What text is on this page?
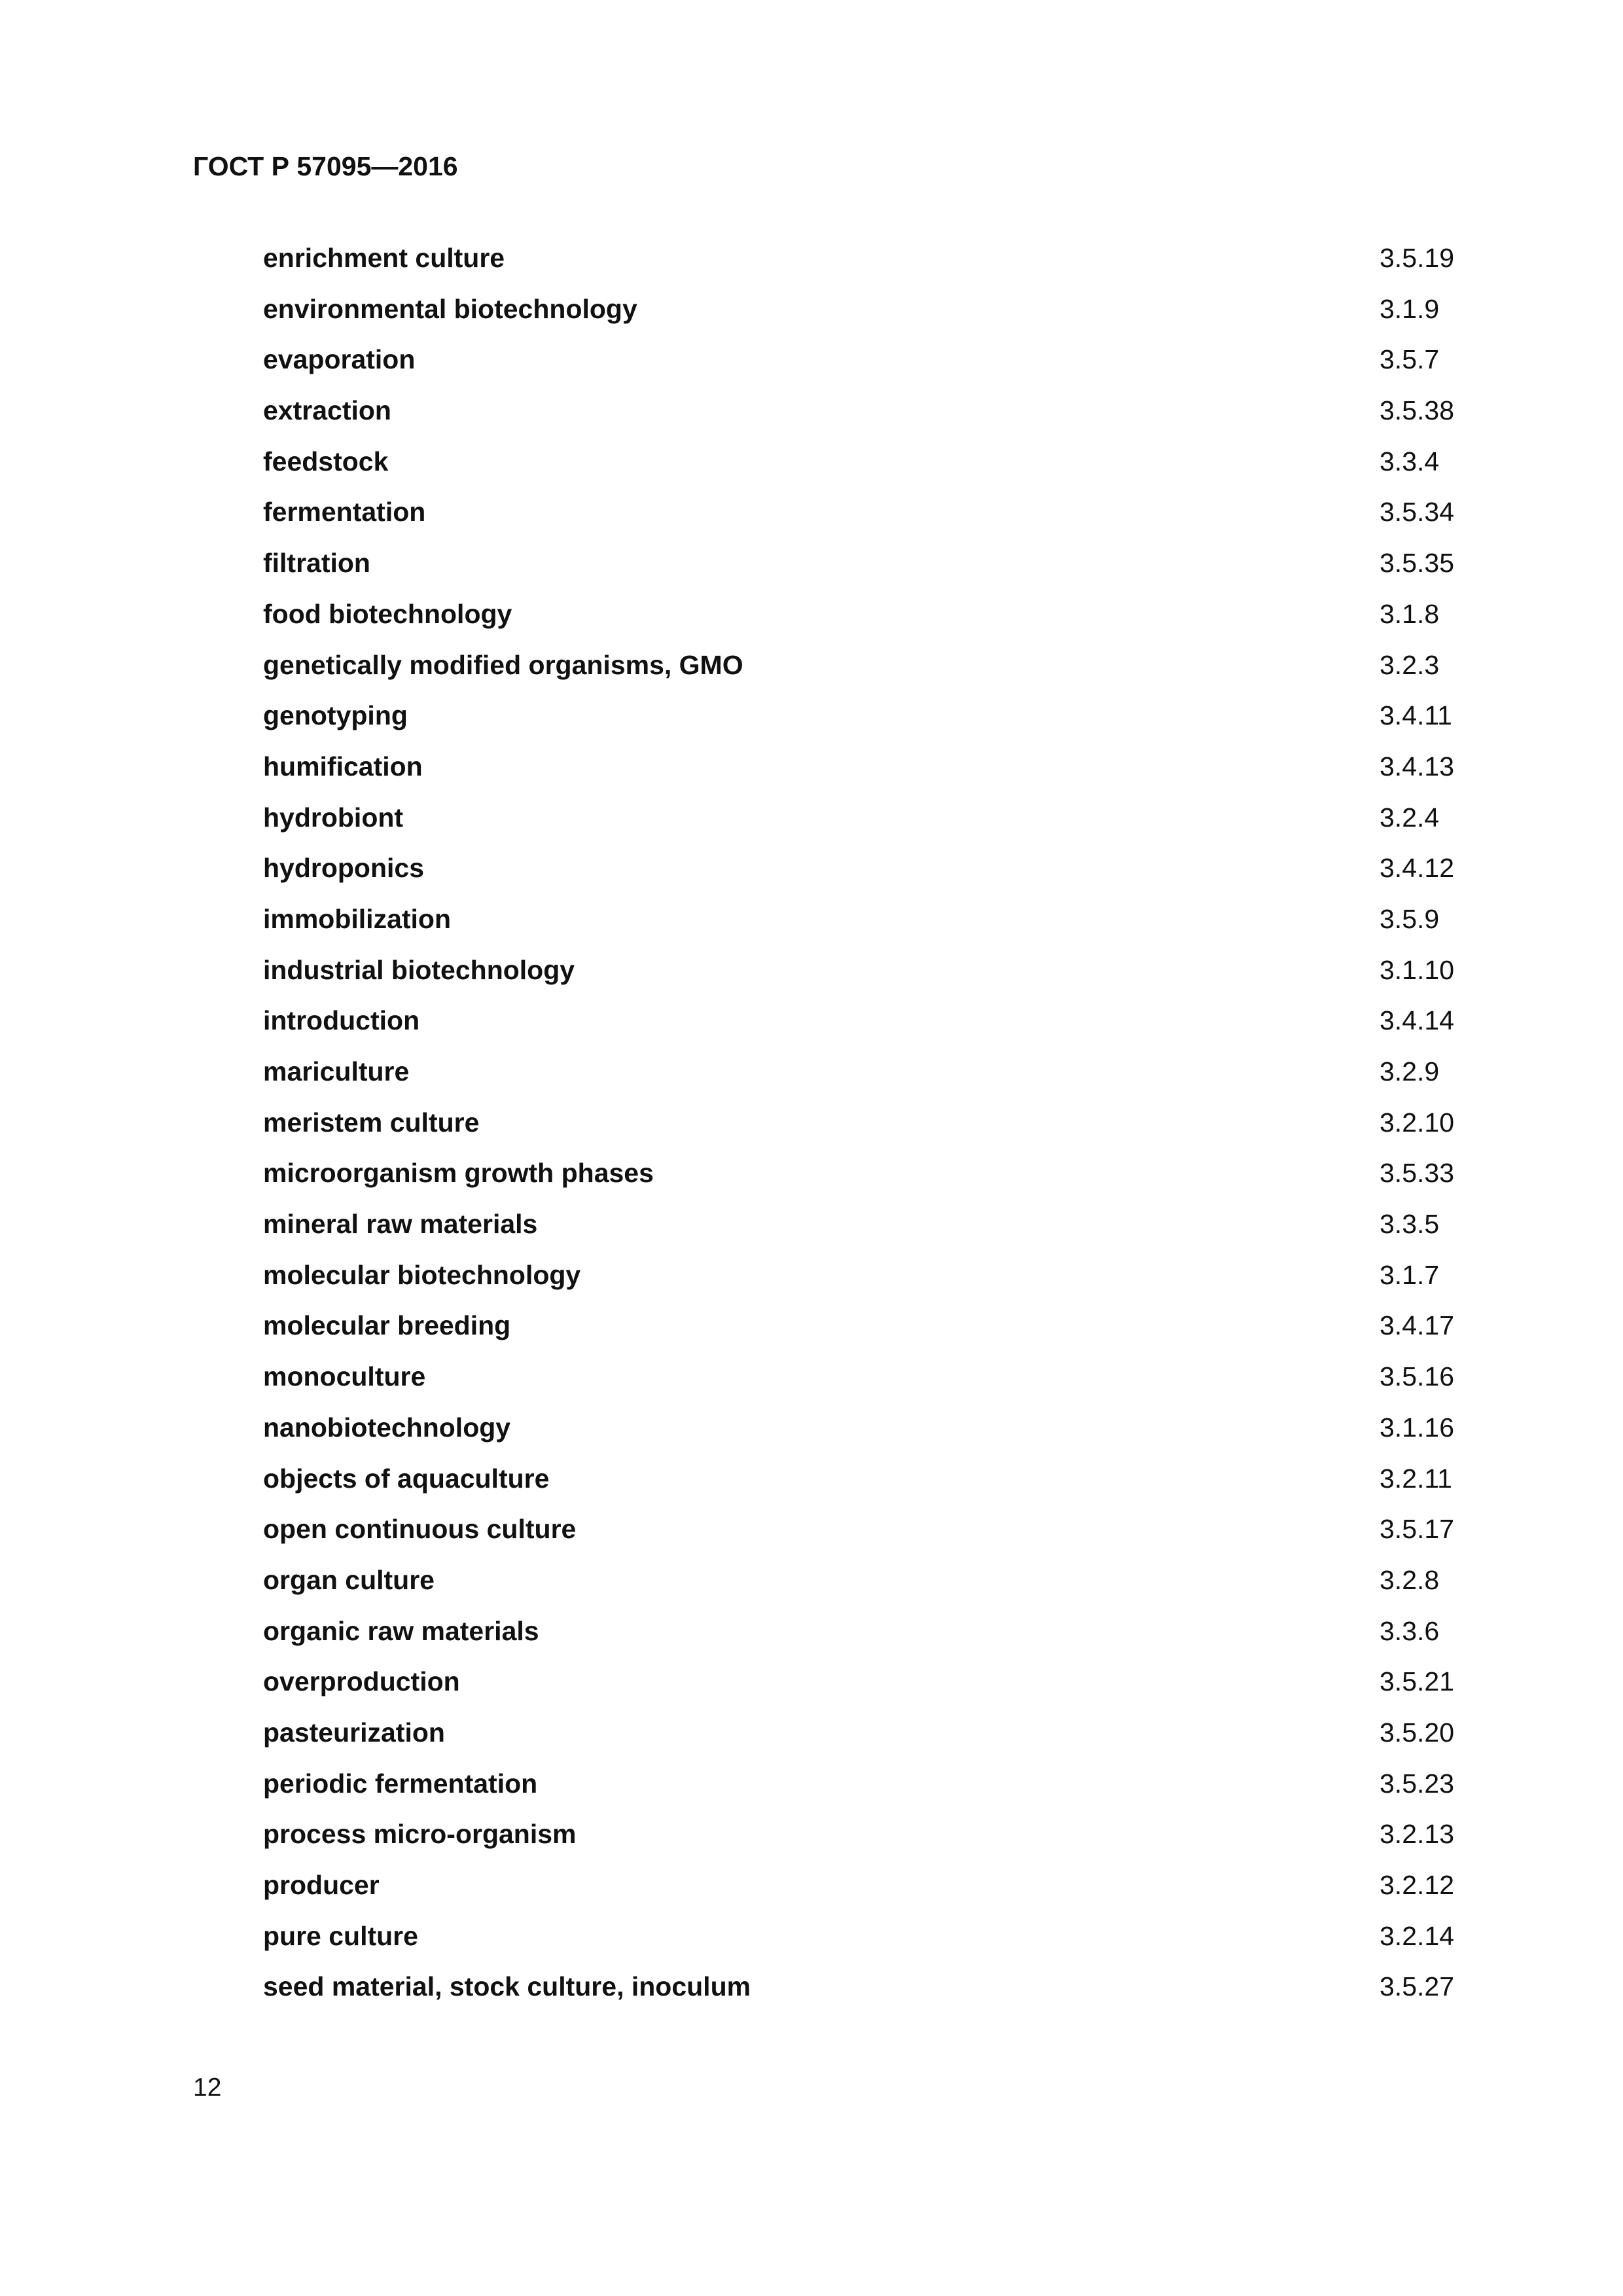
ГОСТ Р 57095—2016
enrichment culture	3.5.19
environmental biotechnology	3.1.9
evaporation	3.5.7
extraction	3.5.38
feedstock	3.3.4
fermentation	3.5.34
filtration	3.5.35
food biotechnology	3.1.8
genetically modified organisms, GMO	3.2.3
genotyping	3.4.11
humification	3.4.13
hydrobiont	3.2.4
hydroponics	3.4.12
immobilization	3.5.9
industrial biotechnology	3.1.10
introduction	3.4.14
mariculture	3.2.9
meristem culture	3.2.10
microorganism growth phases	3.5.33
mineral raw materials	3.3.5
molecular biotechnology	3.1.7
molecular breeding	3.4.17
monoculture	3.5.16
nanobiotechnology	3.1.16
objects of aquaculture	3.2.11
open continuous culture	3.5.17
organ culture	3.2.8
organic raw materials	3.3.6
overproduction	3.5.21
pasteurization	3.5.20
periodic fermentation	3.5.23
process micro-organism	3.2.13
producer	3.2.12
pure culture	3.2.14
seed material, stock culture, inoculum	3.5.27
12
